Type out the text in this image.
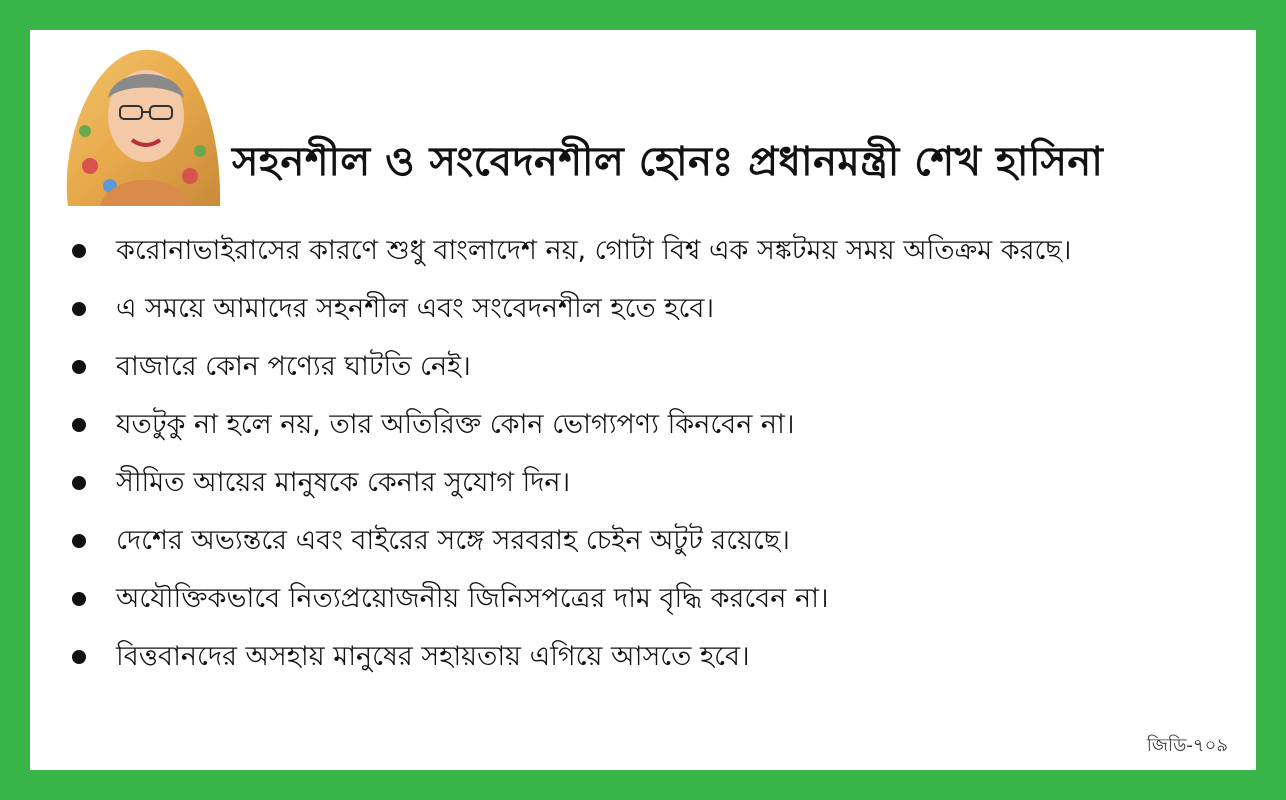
সহনশীল ও সংবেদনশীল হোনঃ প্রধানমন্ত্রী শেখ হাসিনা
করোনাভাইরাসের কারণে শুধু বাংলাদেশ নয়, গোটা বিশ্ব এক সঙ্কটময় সময় অতিক্রম করছে।
এ সময়ে আমাদের সহনশীল এবং সংবেদনশীল হতে হবে।
বাজারে কোন পণ্যের ঘাটতি নেই।
যতটুকু না হলে নয়, তার অতিরিক্ত কোন ভোগ্যপণ্য কিনবেন না।
সীমিত আয়ের মানুষকে কেনার সুযোগ দিন।
দেশের অভ্যন্তরে এবং বাইরের সঙ্গে সরবরাহ চেইন অটুট রয়েছে।
অযৌক্তিকভাবে নিত্যপ্রয়োজনীয় জিনিসপত্রের দাম বৃদ্ধি করবেন না।
বিত্তবানদের অসহায় মানুষের সহায়তায় এগিয়ে আসতে হবে।
জিডি-৭০৯
